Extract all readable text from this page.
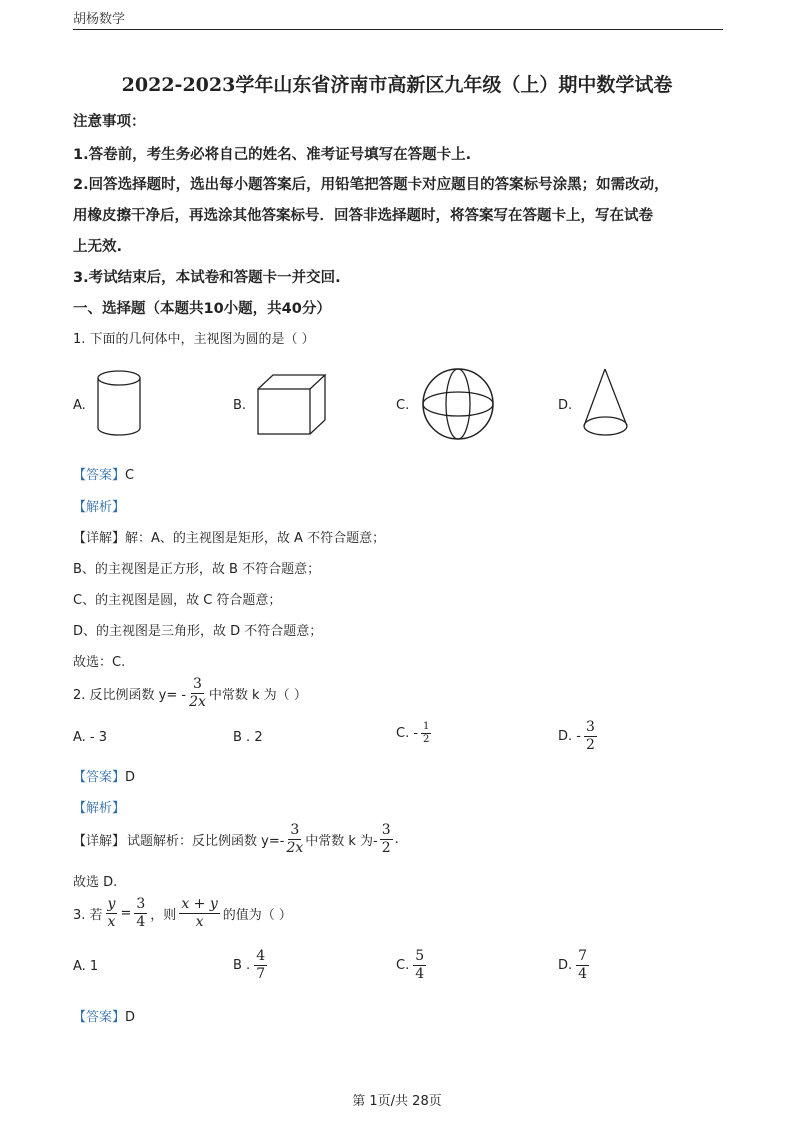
胡杨数学
2022-2023学年山东省济南市高新区九年级（上）期中数学试卷
注意事项：
1.答卷前，考生务必将自己的姓名、准考证号填写在答题卡上.
2.回答选择题时，选出每小题答案后，用铅笔把答题卡对应题目的答案标号涂黑；如需改动，
用橡皮擦干净后，再选涂其他答案标号．回答非选择题时，将答案写在答题卡上，写在试卷
上无效.
3.考试结束后，本试卷和答题卡一并交回.
一、选择题（本题共10小题，共40分）
1. 下面的几何体中，主视图为圆的是（ ）
A.	B.	C.	D.
【答案】C
【解析】
【详解】解：A、的主视图是矩形，故 A 不符合题意；
B、的主视图是正方形，故 B 不符合题意；
C、的主视图是圆，故 C 符合题意；
D、的主视图是三角形，故 D 不符合题意；
故选：C.
2. 反比例函数 $y= - \frac{3}{2x}$ 中常数 k 为（ ）
A. - 3	B . 2	C. - $\frac{1}{2}$	D. - $\frac{3}{2}$
【答案】D
【解析】
【详解】 试题解析：反比例函数 $y=- \frac{3}{2x}$ 中常数 k 为- $\frac{3}{2}$ .
故选 D.
3. 若 $\frac{y}{x} = \frac{3}{4}$ ，则 $\frac{x + y}{x}$ 的值为（ ）
A. 1	B . $\frac{4}{7}$	C. $\frac{5}{4}$	D. $\frac{7}{4}$
【答案】D
第 1页/共 28页
